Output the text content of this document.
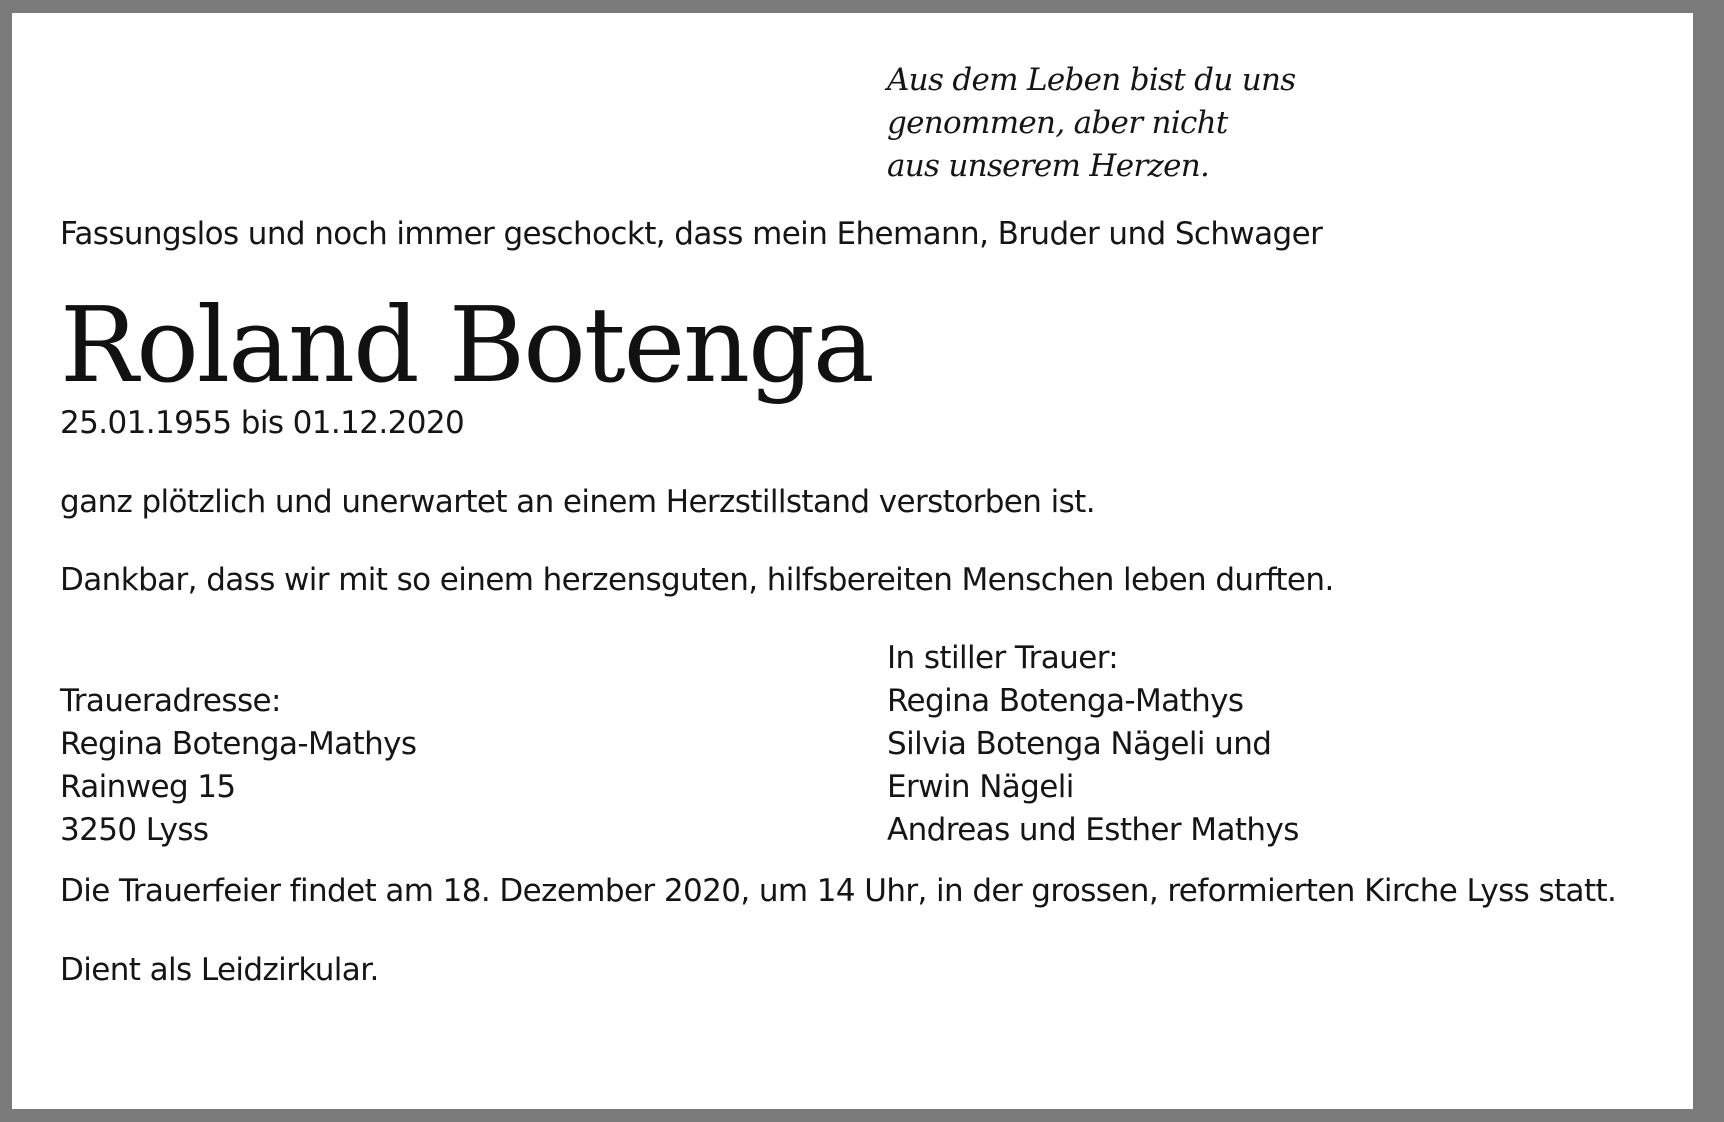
Aus dem Leben bist du uns
genommen, aber nicht
aus unserem Herzen.

Fassungslos und noch immer geschockt, dass mein Ehemann, Bruder und Schwager

Roland Botenga

25.01.1955 bis 01.12.2020

ganz plötzlich und unerwartet an einem Herzstillstand verstorben ist.

Dankbar, dass wir mit so einem herzensguten, hilfsbereiten Menschen leben durften.

In stiller Trauer:
Regina Botenga-Mathys
Silvia Botenga Nägeli und
Erwin Nägeli
Andreas und Esther Mathys
Traueradresse:
Regina Botenga-Mathys
Rainweg 15
3250 Lyss

Die Trauerfeier findet am 18. Dezember 2020, um 14 Uhr, in der grossen, reformierten Kirche Lyss statt.

Dient als Leidzirkular.
